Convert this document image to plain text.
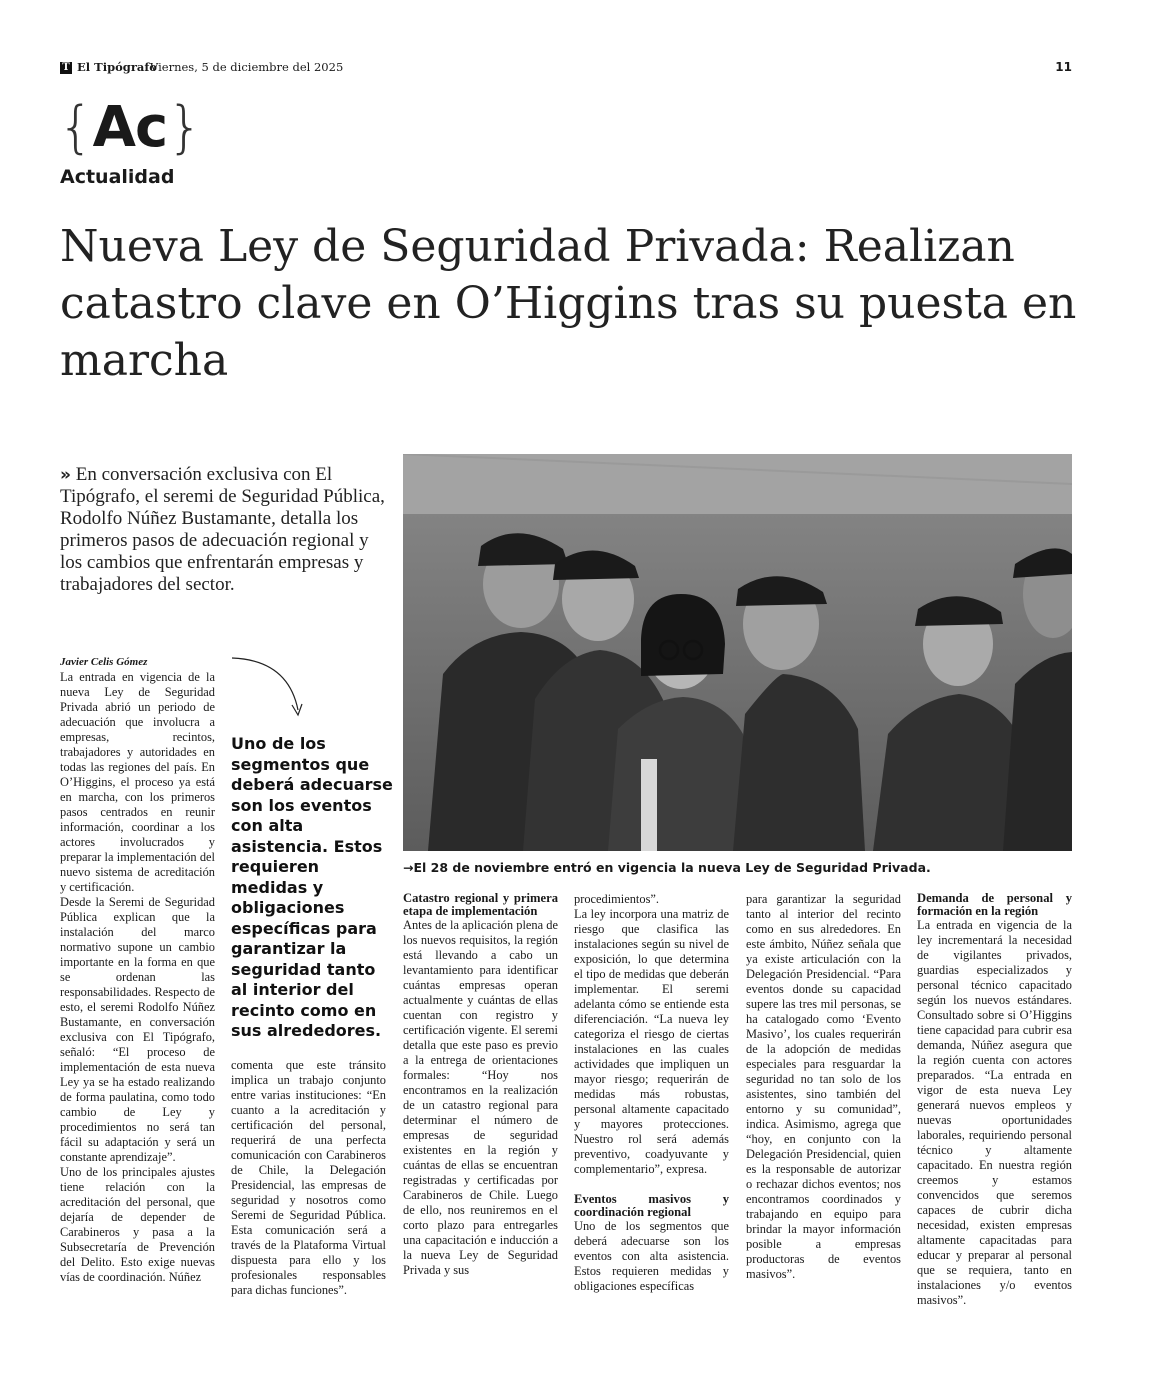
T El Tipógrafo
Viernes, 5 de diciembre del 2025	11
{Ac}
Actualidad
Nueva Ley de Seguridad Privada: Realizan catastro clave en O’Higgins tras su puesta en marcha
» En conversación exclusiva con El Tipógrafo, el seremi de Seguridad Pública, Rodolfo Núñez Bustamante, detalla los primeros pasos de adecuación regional y los cambios que enfrentarán empresas y trabajadores del sector.
→El 28 de noviembre entró en vigencia la nueva Ley de Seguridad Privada.
Javier Celis Gómez

La entrada en vigencia de la nueva Ley de Seguridad Privada abrió un periodo de adecuación que involucra a empresas, recintos, trabajadores y autoridades en todas las regiones del país. En O’Higgins, el proceso ya está en marcha, con los primeros pasos centrados en reunir información, coordinar a los actores involucrados y preparar la implementación del nuevo sistema de acreditación y certificación.

Desde la Seremi de Seguridad Pública explican que la instalación del marco normativo supone un cambio importante en la forma en que se ordenan las responsabilidades. Respecto de esto, el seremi Rodolfo Núñez Bustamante, en conversación exclusiva con El Tipógrafo, señaló: “El proceso de implementación de esta nueva Ley ya se ha estado realizando de forma paulatina, como todo cambio de Ley y procedimientos no será tan fácil su adaptación y será un constante aprendizaje”.

Uno de los principales ajustes tiene relación con la acreditación del personal, que dejaría de depender de Carabineros y pasa a la Subsecretaría de Prevención del Delito. Esto exige nuevas vías de coordinación. Núñez

Uno de los segmentos que deberá adecuarse son los eventos con alta asistencia. Estos requieren medidas y obligaciones específicas para garantizar la seguridad tanto al interior del recinto como en sus alrededores.

comenta que este tránsito implica un trabajo conjunto entre varias instituciones: “En cuanto a la acreditación y certificación del personal, requerirá de una perfecta comunicación con Carabineros de Chile, la Delegación Presidencial, las empresas de seguridad y nosotros como Seremi de Seguridad Pública. Esta comunicación será a través de la Plataforma Virtual dispuesta para ello y los profesionales responsables para dichas funciones”.

Catastro regional y primera etapa de implementación

Antes de la aplicación plena de los nuevos requisitos, la región está llevando a cabo un levantamiento para identificar cuántas empresas operan actualmente y cuántas de ellas cuentan con registro y certificación vigente. El seremi detalla que este paso es previo a la entrega de orientaciones formales: “Hoy nos encontramos en la realización de un catastro regional para determinar el número de empresas de seguridad existentes en la región y cuántas de ellas se encuentran registradas y certificadas por Carabineros de Chile. Luego de ello, nos reuniremos en el corto plazo para entregarles una capacitación e inducción a la nueva Ley de Seguridad Privada y sus

procedimientos”.

La ley incorpora una matriz de riesgo que clasifica las instalaciones según su nivel de exposición, lo que determina el tipo de medidas que deberán implementar. El seremi adelanta cómo se entiende esta diferenciación. “La nueva ley categoriza el riesgo de ciertas instalaciones en las cuales actividades que impliquen un mayor riesgo; requerirán de medidas más robustas, personal altamente capacitado y mayores protecciones. Nuestro rol será además preventivo, coadyuvante y complementario”, expresa.

Eventos masivos y coordinación regional

Uno de los segmentos que deberá adecuarse son los eventos con alta asistencia. Estos requieren medidas y obligaciones específicas

para garantizar la seguridad tanto al interior del recinto como en sus alrededores. En este ámbito, Núñez señala que ya existe articulación con la Delegación Presidencial. “Para eventos donde su capacidad supere las tres mil personas, se ha catalogado como ‘Evento Masivo’, los cuales requerirán de la adopción de medidas especiales para resguardar la seguridad no tan solo de los asistentes, sino también del entorno y su comunidad”, indica. Asimismo, agrega que “hoy, en conjunto con la Delegación Presidencial, quien es la responsable de autorizar o rechazar dichos eventos; nos encontramos coordinados y trabajando en equipo para brindar la mayor información posible a empresas productoras de eventos masivos”.

Demanda de personal y formación en la región

La entrada en vigencia de la ley incrementará la necesidad de vigilantes privados, guardias especializados y personal técnico capacitado según los nuevos estándares. Consultado sobre si O’Higgins tiene capacidad para cubrir esa demanda, Núñez asegura que la región cuenta con actores preparados. “La entrada en vigor de esta nueva Ley generará nuevos empleos y nuevas oportunidades laborales, requiriendo personal técnico y altamente capacitado. En nuestra región creemos y estamos convencidos que seremos capaces de cubrir dicha necesidad, existen empresas altamente capacitadas para educar y preparar al personal que se requiera, tanto en instalaciones y/o eventos masivos”.
